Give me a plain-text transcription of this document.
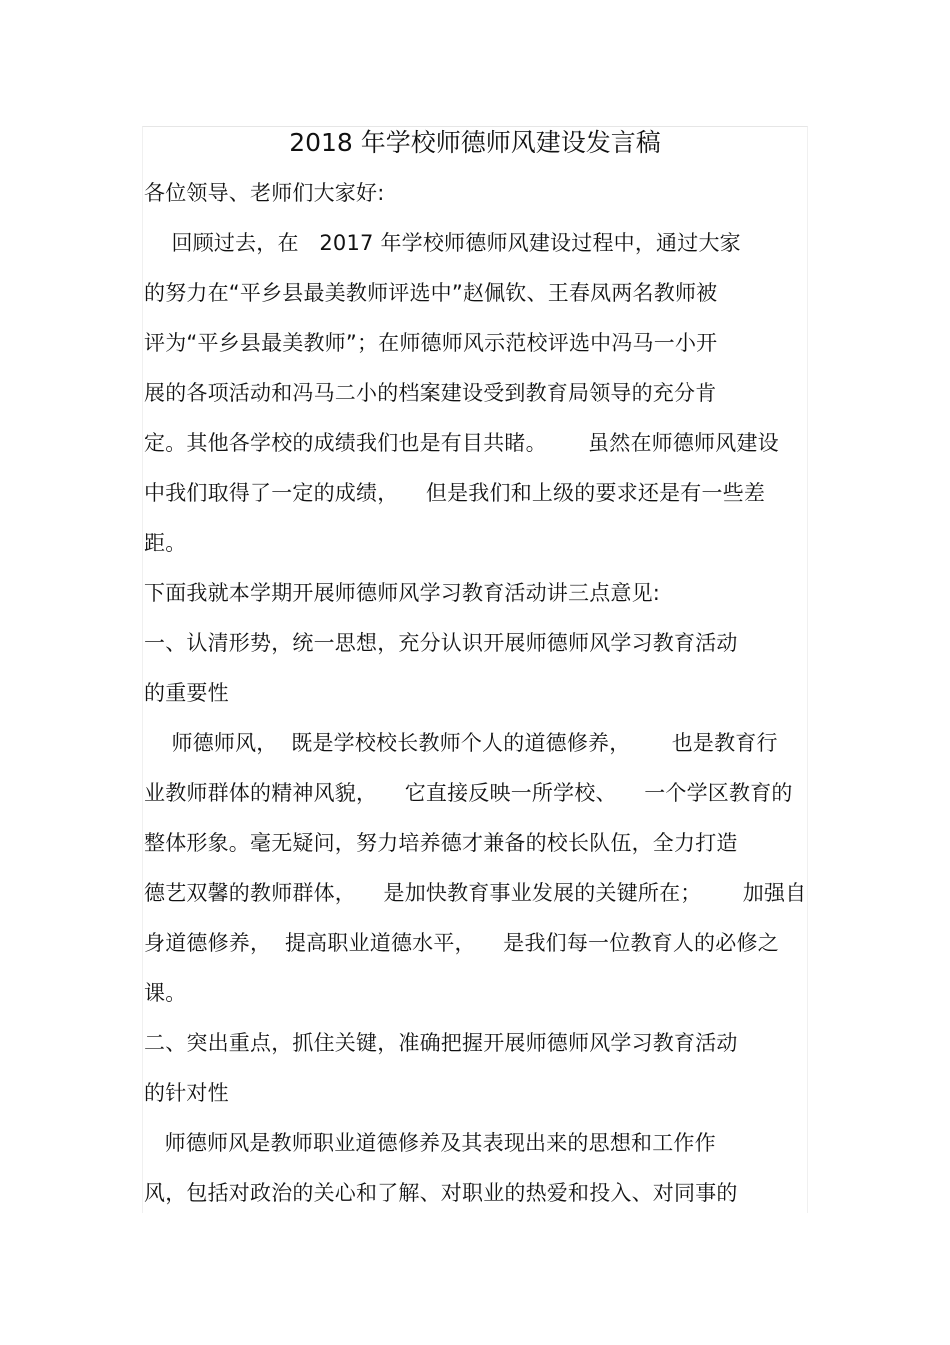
2018 年学校师德师风建设发言稿
各位领导、老师们大家好:
回顾过去，在   2017 年学校师德师风建设过程中，通过大家
的努力在“平乡县最美教师评选中”赵佩钦、王春凤两名教师被
评为“平乡县最美教师”；在师德师风示范校评选中冯马一小开
展的各项活动和冯马二小的档案建设受到教育局领导的充分肯
定。其他各学校的成绩我们也是有目共睹。      虽然在师德师风建设
中我们取得了一定的成绩，    但是我们和上级的要求还是有一些差
距。
下面我就本学期开展师德师风学习教育活动讲三点意见:
一、认清形势，统一思想，充分认识开展师德师风学习教育活动
的重要性
师德师风，  既是学校校长教师个人的道德修养，      也是教育行
业教师群体的精神风貌，    它直接反映一所学校、    一个学区教育的
整体形象。毫无疑问，努力培养德才兼备的校长队伍，全力打造
德艺双馨的教师群体，    是加快教育事业发展的关键所在；      加强自
身道德修养，  提高职业道德水平，    是我们每一位教育人的必修之
课。
二、突出重点，抓住关键，准确把握开展师德师风学习教育活动
的针对性
师德师风是教师职业道德修养及其表现出来的思想和工作作
风，包括对政治的关心和了解、对职业的热爱和投入、对同事的
